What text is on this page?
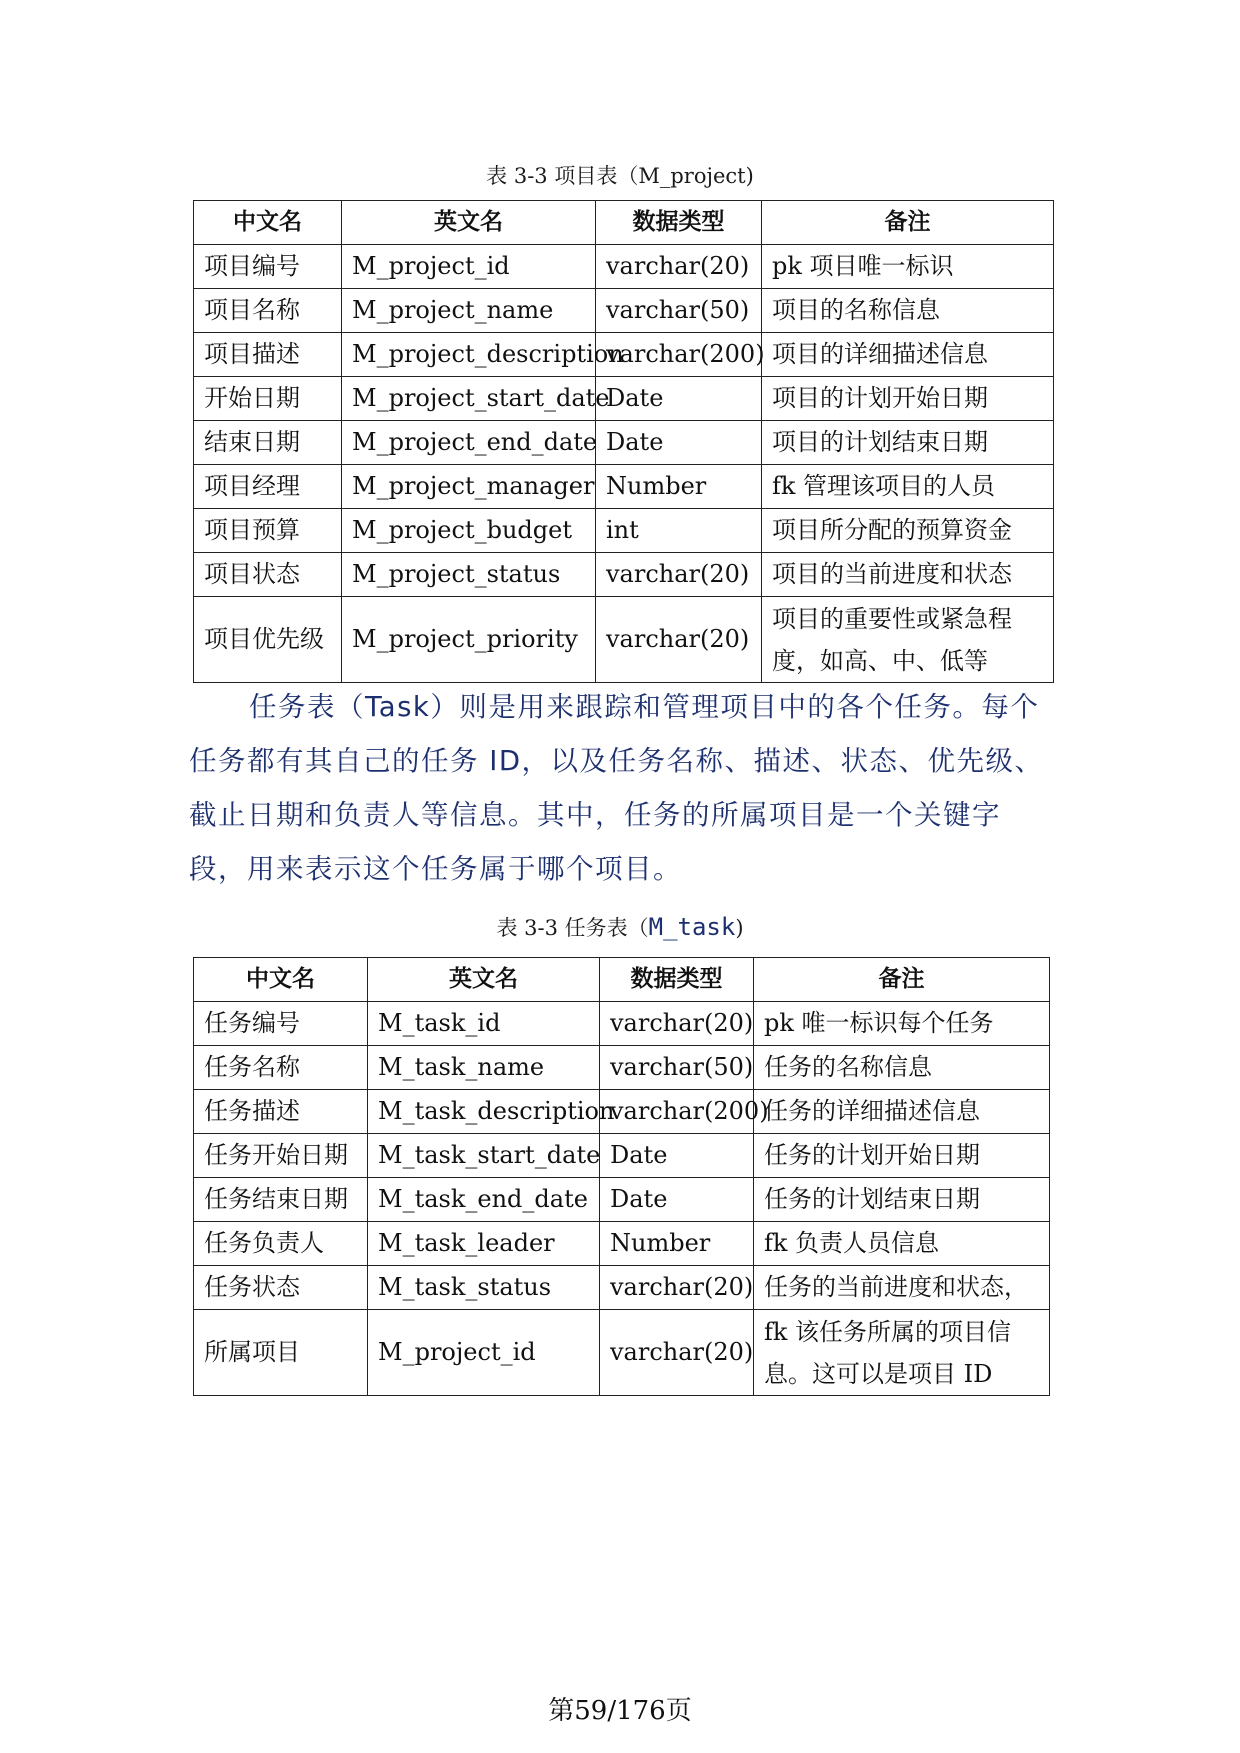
表 3-3 项目表（M_project)
中文名	英文名	数据类型	备注
项目编号	M_project_id	varchar(20)	pk 项目唯一标识
项目名称	M_project_name	varchar(50)	项目的名称信息
项目描述	M_project_description	varchar(200)	项目的详细描述信息
开始日期	M_project_start_date	Date	项目的计划开始日期
结束日期	M_project_end_date	Date	项目的计划结束日期
项目经理	M_project_manager	Number	fk 管理该项目的人员
项目预算	M_project_budget	int	项目所分配的预算资金
项目状态	M_project_status	varchar(20)	项目的当前进度和状态
项目优先级	M_project_priority	varchar(20)	项目的重要性或紧急程度，如高、中、低等
任务表（Task）则是用来跟踪和管理项目中的各个任务。每个任务都有其自己的任务 ID，以及任务名称、描述、状态、优先级、截止日期和负责人等信息。其中，任务的所属项目是一个关键字段，用来表示这个任务属于哪个项目。
表 3-3 任务表（M_task)
中文名	英文名	数据类型	备注
任务编号	M_task_id	varchar(20)	pk 唯一标识每个任务
任务名称	M_task_name	varchar(50)	任务的名称信息
任务描述	M_task_description	varchar(200)	任务的详细描述信息
任务开始日期	M_task_start_date	Date	任务的计划开始日期
任务结束日期	M_task_end_date	Date	任务的计划结束日期
任务负责人	M_task_leader	Number	fk 负责人员信息
任务状态	M_task_status	varchar(20)	任务的当前进度和状态，
所属项目	M_project_id	varchar(20)	fk 该任务所属的项目信息。这可以是项目 ID
第59/176页
